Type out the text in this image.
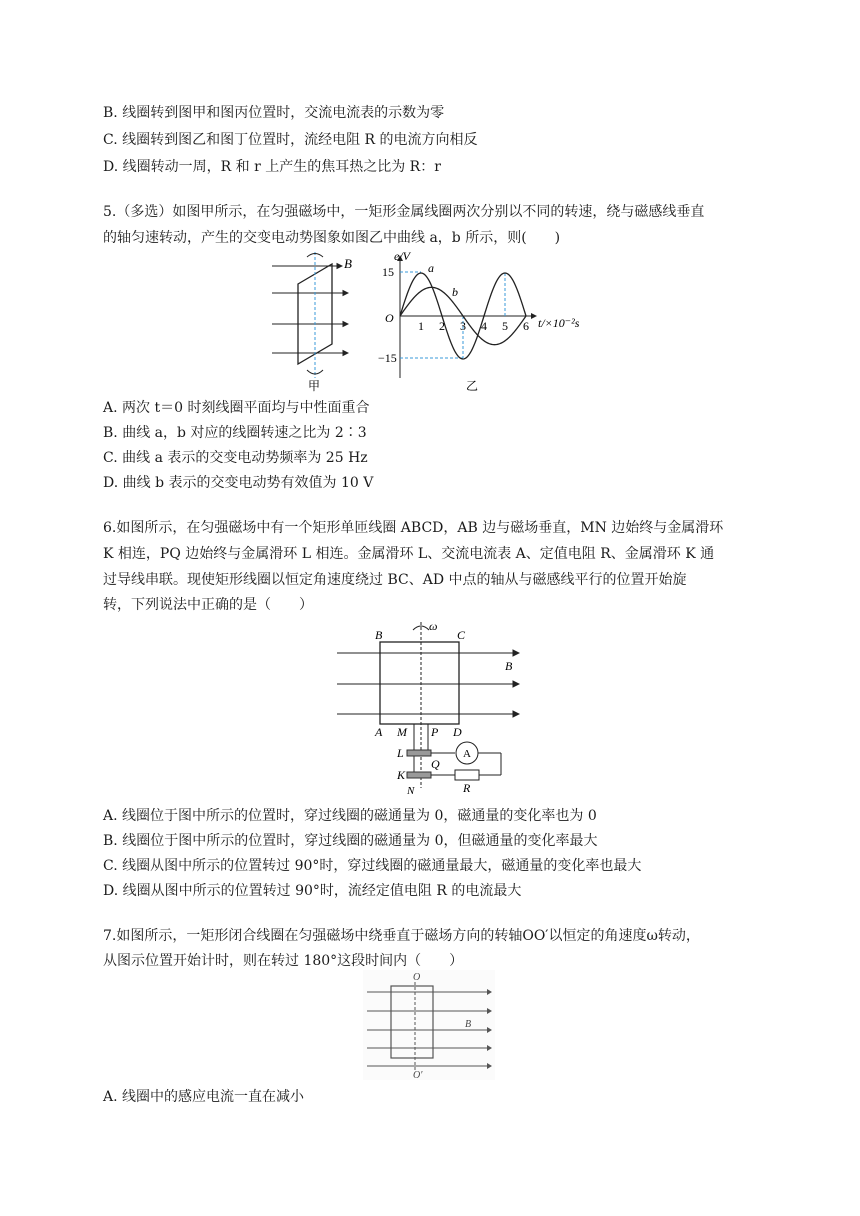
B. 线圈转到图甲和图丙位置时，交流电流表的示数为零
C. 线圈转到图乙和图丁位置时，流经电阻 R 的电流方向相反
D. 线圈转动一周，R 和 r 上产生的焦耳热之比为 R：r
5.（多选）如图甲所示，在匀强磁场中，一矩形金属线圈两次分别以不同的转速，绕与磁感线垂直
的轴匀速转动，产生的交变电动势图象如图乙中曲线 a，b 所示，则(　　)
B
甲
e/V
t/×10⁻²s
O
15
−15
1 2 3 4 5 6
a
b
乙
A. 两次 t＝0 时刻线圈平面均与中性面重合
B. 曲线 a，b 对应的线圈转速之比为 2∶3
C. 曲线 a 表示的交变电动势频率为 25 Hz
D. 曲线 b 表示的交变电动势有效值为 10 V
6.如图所示，在匀强磁场中有一个矩形单匝线圈 ABCD，AB 边与磁场垂直，MN 边始终与金属滑环
K 相连，PQ 边始终与金属滑环 L 相连。金属滑环 L、交流电流表 A、定值电阻 R、金属滑环 K 通
过导线串联。现使矩形线圈以恒定角速度绕过 BC、AD 中点的轴从与磁感线平行的位置开始旋
转，下列说法中正确的是（　　）
B	C
ω
B
A M P D
L
Q
K
N
A
R
A. 线圈位于图中所示的位置时，穿过线圈的磁通量为 0，磁通量的变化率也为 0
B. 线圈位于图中所示的位置时，穿过线圈的磁通量为 0，但磁通量的变化率最大
C. 线圈从图中所示的位置转过 90°时，穿过线圈的磁通量最大，磁通量的变化率也最大
D. 线圈从图中所示的位置转过 90°时，流经定值电阻 R 的电流最大
7.如图所示，一矩形闭合线圈在匀强磁场中绕垂直于磁场方向的转轴OO′以恒定的角速度ω转动，
从图示位置开始计时，则在转过 180°这段时间内（　　）
O
O′
B
A. 线圈中的感应电流一直在减小
